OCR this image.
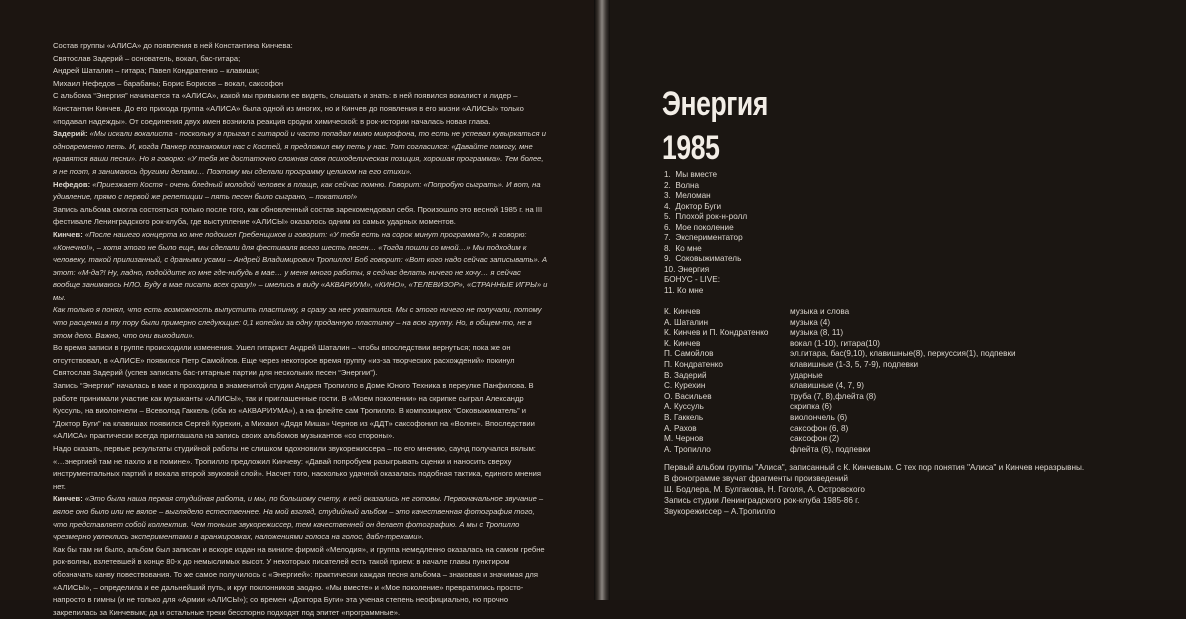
Состав группы «АЛИСА» до появления в ней Константина Кинчева:

Святослав Задерий – основатель, вокал, бас-гитара;

Андрей Шаталин – гитара; Павел Кондратенко – клавиши;

Михаил Нефедов – барабаны; Борис Борисов – вокал, саксофон

С альбома “Энергия” начинается та «АЛИСА», какой мы привыкли ее видеть, слышать и знать: в ней появился вокалист и лидер – Константин Кинчев. До его прихода группа «АЛИСА» была одной из многих, но и Кинчев до появления в его жизни «АЛИСЫ» только «подавал надежды». От соединения двух имен возникла реакция сродни химической: в рок-истории началась новая глава.

Задерий: «Мы искали вокалиста - поскольку я прыгал с гитарой и часто попадал мимо микрофона, то есть не успевал кувыркаться и одновременно петь. И, когда Панкер познакомил нас с Костей, я предложил ему петь у нас. Тот согласился: «Давайте помогу, мне нравятся ваши песни». Но я говорю: «У тебя же достаточно сложная своя психоделическая позиция, хорошая программа». Тем более, я не поэт, я занимаюсь другими делами… Поэтому мы сделали программу целиком на его стихи».

Нефедов: «Приезжает Костя - очень бледный молодой человек в плаще, как сейчас помню. Говорит: «Попробую сыграть». И вот, на удивление, прямо с первой же репетиции – пять песен было сыграно, – покатило!»

Запись альбома смогла состояться только после того, как обновленный состав зарекомендовал себя. Произошло это весной 1985 г. на III фестивале Ленинградского рок-клуба, где выступление «АЛИСЫ» оказалось одним из самых ударных моментов.

Кинчев: «После нашего концерта ко мне подошел Гребенщиков и говорит: «У тебя есть на сорок минут программа?», я говорю: «Конечно!», – хотя этого не было еще, мы сделали для фестиваля всего шесть песен… «Тогда пошли со мной…» Мы подходим к человеку, такой прилизанный, с драными усами – Андрей Владимирович Тропилло! Боб говорит: «Вот кого надо сейчас записывать». А этот: «М-да?! Ну, ладно, подойдите ко мне где-нибудь в мае… у меня много работы, я сейчас делать ничего не хочу… я сейчас вообще занимаюсь НЛО. Буду в мае писать всех сразу!» – имелись в виду «АКВАРИУМ», «КИНО», «ТЕЛЕВИЗОР», «СТРАННЫЕ ИГРЫ» и мы.

Как только я понял, что есть возможность выпустить пластинку, я сразу за нее ухватился. Мы с этого ничего не получали, потому что расценки в ту пору были примерно следующие: 0,1 копейки за одну проданную пластинку – на всю группу. Но, в общем-то, не в этом дело. Важно, что они выходили».

Во время записи в группе происходили изменения. Ушел гитарист Андрей Шаталин – чтобы впоследствии вернуться; пока же он отсутствовал, в «АЛИСЕ» появился Петр Самойлов. Еще через некоторое время группу «из-за творческих расхождений» покинул Святослав Задерий (успев записать бас-гитарные партии для нескольких песен “Энергии”).

Запись “Энергии” началась в мае и проходила в знаменитой студии Андрея Тропилло в Доме Юного Техника в переулке Панфилова. В работе принимали участие как музыканты «АЛИСЫ», так и приглашенные гости. В «Моем поколении» на скрипке сыграл Александр Куссуль, на виолончели – Всеволод Гаккель (оба из «АКВАРИУМА»), а на флейте сам Тропилло. В композициях “Соковыжиматель” и “Доктор Буги” на клавишах появился Сергей Курехин, а Михаил «Дядя Миша» Чернов из «ДДТ» саксофонил на «Волне». Впоследствии «АЛИСА» практически всегда приглашала на запись своих альбомов музыкантов «со стороны».

Надо сказать, первые результаты студийной работы не слишком вдохновили звукорежиссера – по его мнению, саунд получался вялым: «…энергией там не пахло и в помине». Тропилло предложил Кинчеву: «Давай попробуем разыгрывать сценки и наносить сверху инструментальных партий и вокала второй звуковой слой». Насчет того, насколько удачной оказалась подобная тактика, единого мнения нет.

Кинчев: «Это была наша первая студийная работа, и мы, по большому счету, к ней оказались не готовы. Первоначальное звучание – вялое оно было или не вялое – выглядело естественнее. На мой взгляд, студийный альбом – это качественная фотография того, что представляет собой коллектив. Чем тоньше звукорежиссер, тем качественней он делает фотографию. А мы с Тропилло чрезмерно увлеклись экспериментами в аранжировках, наложениями голоса на голос, дабл-треками».

Как бы там ни было, альбом был записан и вскоре издан на виниле фирмой «Мелодия», и группа немедленно оказалась на самом гребне рок-волны, взлетевшей в конце 80-х до немыслимых высот. У некоторых писателей есть такой прием: в начале главы пунктиром обозначать канву повествования. То же самое получилось с «Энергией»: практически каждая песня альбома – знаковая и значимая для «АЛИСЫ», – определила и ее дальнейший путь, и круг поклонников заодно. «Мы вместе» и «Мое поколение» превратились просто-напросто в гимны (и не только для «Армии «АЛИСЫ»); со времен «Доктора Буги» эта ученая степень неофициально, но прочно закрепилась за Кинчевым; да и остальные треки бесспорно подходят под эпитет «программные».

Энергия
1985
1.  Мы вместе
2.  Волна
3.  Меломан
4.  Доктор Буги
5.  Плохой рок-н-ролл
6.  Мое поколение
7.  Экспериментатор
8.  Ко мне
9.  Соковыжиматель
10. Энергия
БОНУС - LIVE:
11. Ко мне
К. Кинчев	музыка и слова
А. Шаталин	музыка (4)
К. Кинчев и П. Кондратенко	музыка (8, 11)
К. Кинчев	вокал (1-10), гитара(10)
П. Самойлов	эл.гитара, бас(9,10), клавишные(8), перкуссия(1), подпевки
П. Кондратенко	клавишные (1-3, 5, 7-9), подпевки
В. Задерий	ударные
С. Курехин	клавишные (4, 7, 9)
О. Васильев	труба (7, 8),флейта (8)
А. Куссуль	скрипка (6)
В. Гаккель	виолончель (6)
А. Рахов	саксофон (6, 8)
М. Чернов	саксофон (2)
А. Тропилло	флейта (6), подпевки

Первый альбом группы "Алиса", записанный с К. Кинчевым. С тех пор понятия "Алиса" и Кинчев неразрывны.

В фонограмме звучат фрагменты произведений

Ш. Бодлера, М. Булгакова, Н. Гоголя, А. Островского

Запись студии Ленинградского рок-клуба 1985-86 г.

Звукорежиссер – А.Тропилло
